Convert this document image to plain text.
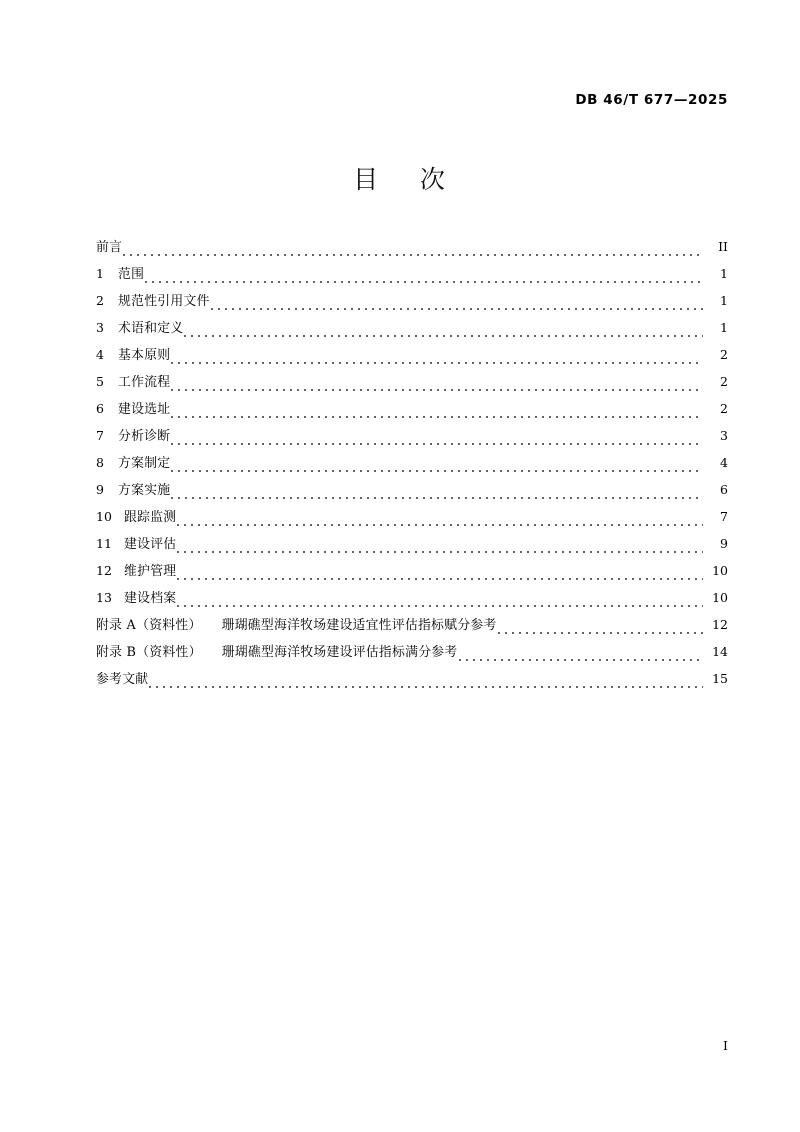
DB 46/T 677—2025
目    次
前言	II
1	范围	1
2	规范性引用文件	1
3	术语和定义	1
4	基本原则	2
5	工作流程	2
6	建设选址	2
7	分析诊断	3
8	方案制定	4
9	方案实施	6
10 跟踪监测	7
11 建设评估	9
12 维护管理	10
13 建设档案	10
附录 A（资料性） 珊瑚礁型海洋牧场建设适宜性评估指标赋分参考	12
附录 B（资料性） 珊瑚礁型海洋牧场建设评估指标满分参考	14
参考文献	15
I
